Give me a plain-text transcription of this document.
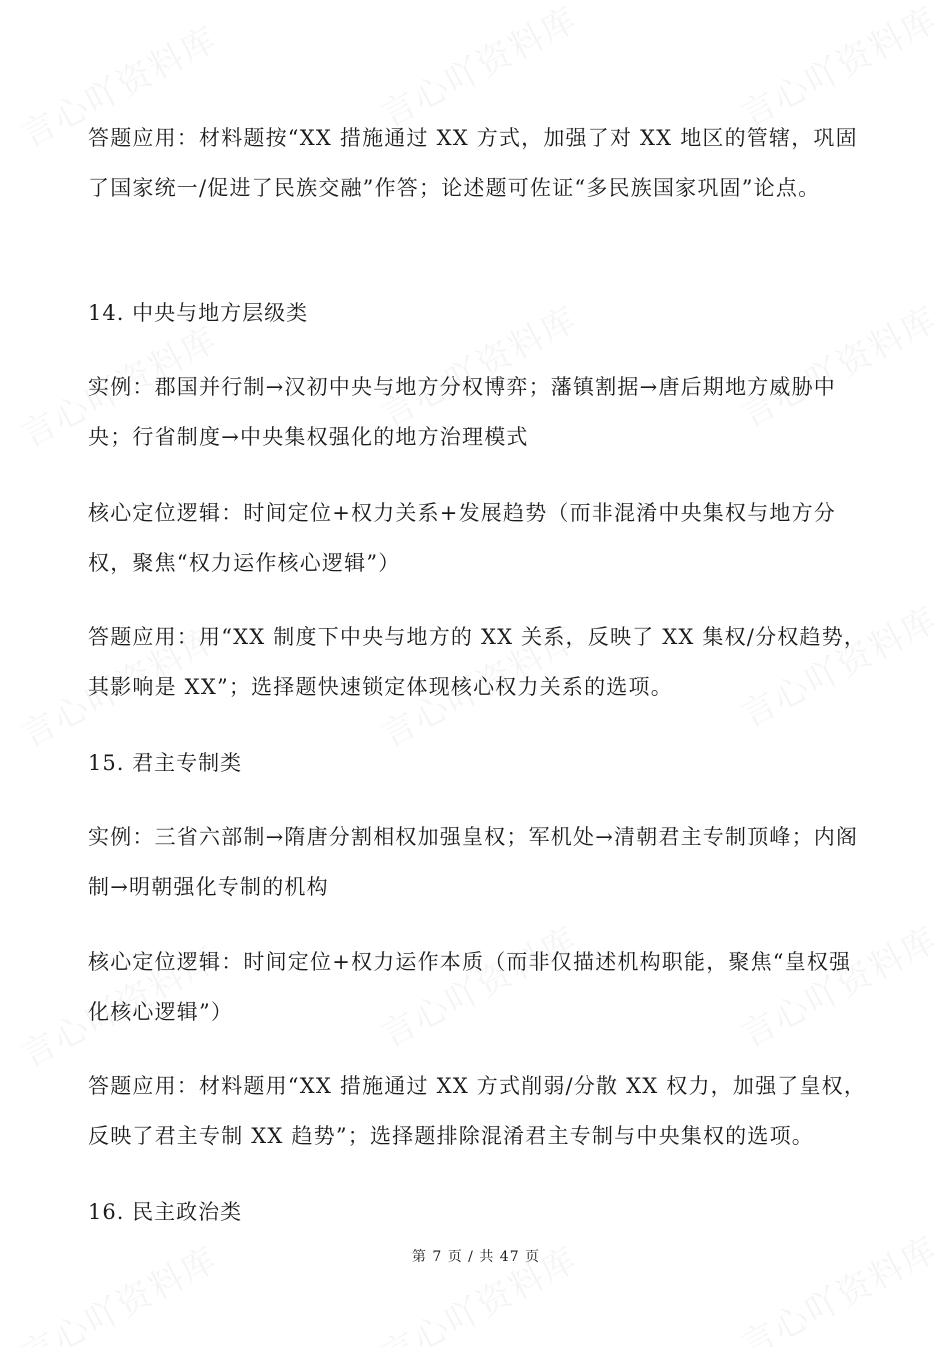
答题应用：材料题按“XX 措施通过 XX 方式，加强了对 XX 地区的管辖，巩固了国家统一/促进了民族交融”作答；论述题可佐证“多民族国家巩固”论点。

14. 中央与地方层级类

实例：郡国并行制→汉初中央与地方分权博弈；藩镇割据→唐后期地方威胁中央；行省制度→中央集权强化的地方治理模式

核心定位逻辑：时间定位+权力关系+发展趋势（而非混淆中央集权与地方分权，聚焦“权力运作核心逻辑”）

答题应用：用“XX 制度下中央与地方的 XX 关系，反映了 XX 集权/分权趋势，其影响是 XX”；选择题快速锁定体现核心权力关系的选项。

15. 君主专制类

实例：三省六部制→隋唐分割相权加强皇权；军机处→清朝君主专制顶峰；内阁制→明朝强化专制的机构

核心定位逻辑：时间定位+权力运作本质（而非仅描述机构职能，聚焦“皇权强化核心逻辑”）

答题应用：材料题用“XX 措施通过 XX 方式削弱/分散 XX 权力，加强了皇权，反映了君主专制 XX 趋势”；选择题排除混淆君主专制与中央集权的选项。

16. 民主政治类

第 7 页 / 共 47 页
